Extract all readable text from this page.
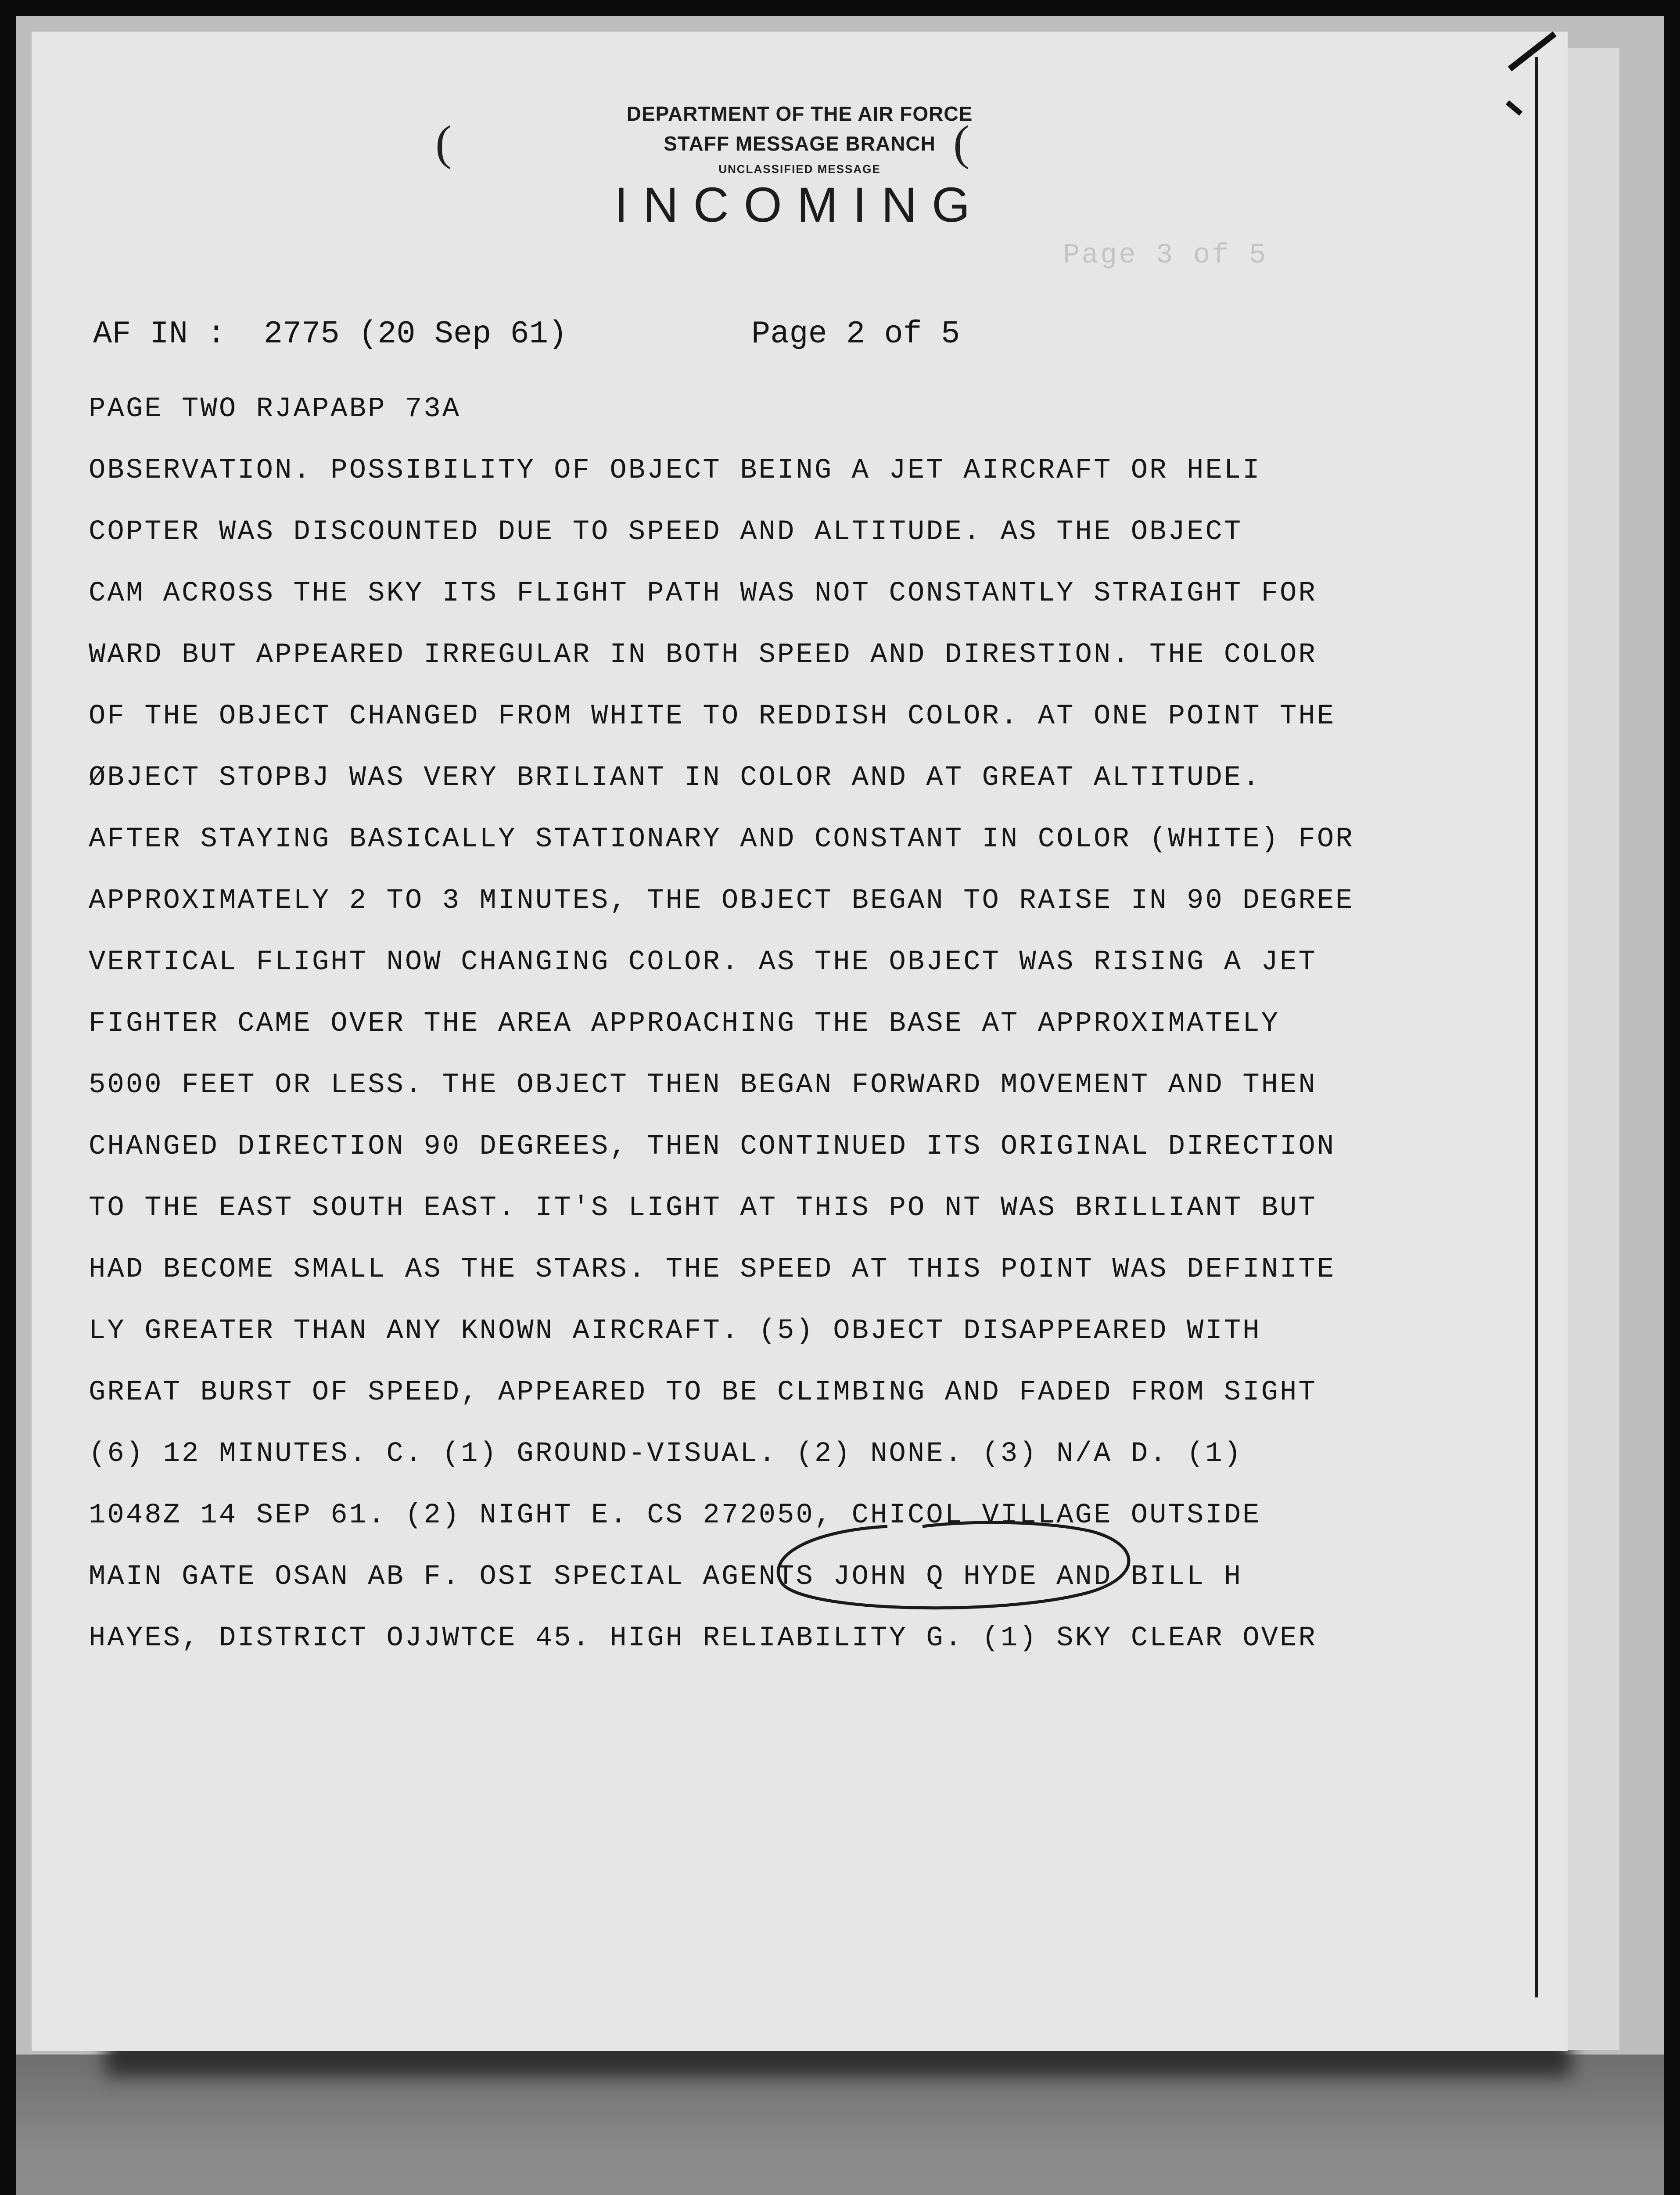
Page 3 of 5
DEPARTMENT OF THE AIR FORCE
STAFF MESSAGE BRANCH
UNCLASSIFIED MESSAGE
INCOMING
(	(
AF IN :  2775 (20 Sep 61)	Page 2 of 5
PAGE TWO RJAPABP 73A
OBSERVATION. POSSIBILITY OF OBJECT BEING A JET AIRCRAFT OR HELI
COPTER WAS DISCOUNTED DUE TO SPEED AND ALTITUDE. AS THE OBJECT
CAM ACROSS THE SKY ITS FLIGHT PATH WAS NOT CONSTANTLY STRAIGHT FOR
WARD BUT APPEARED IRREGULAR IN BOTH SPEED AND DIRESTION. THE COLOR
OF THE OBJECT CHANGED FROM WHITE TO REDDISH COLOR. AT ONE POINT THE
ØBJECT STOPBJ WAS VERY BRILIANT IN COLOR AND AT GREAT ALTITUDE.
AFTER STAYING BASICALLY STATIONARY AND CONSTANT IN COLOR (WHITE) FOR
APPROXIMATELY 2 TO 3 MINUTES, THE OBJECT BEGAN TO RAISE IN 90 DEGREE
VERTICAL FLIGHT NOW CHANGING COLOR. AS THE OBJECT WAS RISING A JET
FIGHTER CAME OVER THE AREA APPROACHING THE BASE AT APPROXIMATELY
5000 FEET OR LESS. THE OBJECT THEN BEGAN FORWARD MOVEMENT AND THEN
CHANGED DIRECTION 90 DEGREES, THEN CONTINUED ITS ORIGINAL DIRECTION
TO THE EAST SOUTH EAST. IT'S LIGHT AT THIS PO NT WAS BRILLIANT BUT
HAD BECOME SMALL AS THE STARS. THE SPEED AT THIS POINT WAS DEFINITE
LY GREATER THAN ANY KNOWN AIRCRAFT. (5) OBJECT DISAPPEARED WITH
GREAT BURST OF SPEED, APPEARED TO BE CLIMBING AND FADED FROM SIGHT
(6) 12 MINUTES. C. (1) GROUND-VISUAL. (2) NONE. (3) N/A D. (1)
1048Z 14 SEP 61. (2) NIGHT E. CS 272050, CHICOL VILLAGE OUTSIDE
MAIN GATE OSAN AB F. OSI SPECIAL AGENTS JOHN Q HYDE AND BILL H
HAYES, DISTRICT OJJWTCE 45. HIGH RELIABILITY G. (1) SKY CLEAR OVER
